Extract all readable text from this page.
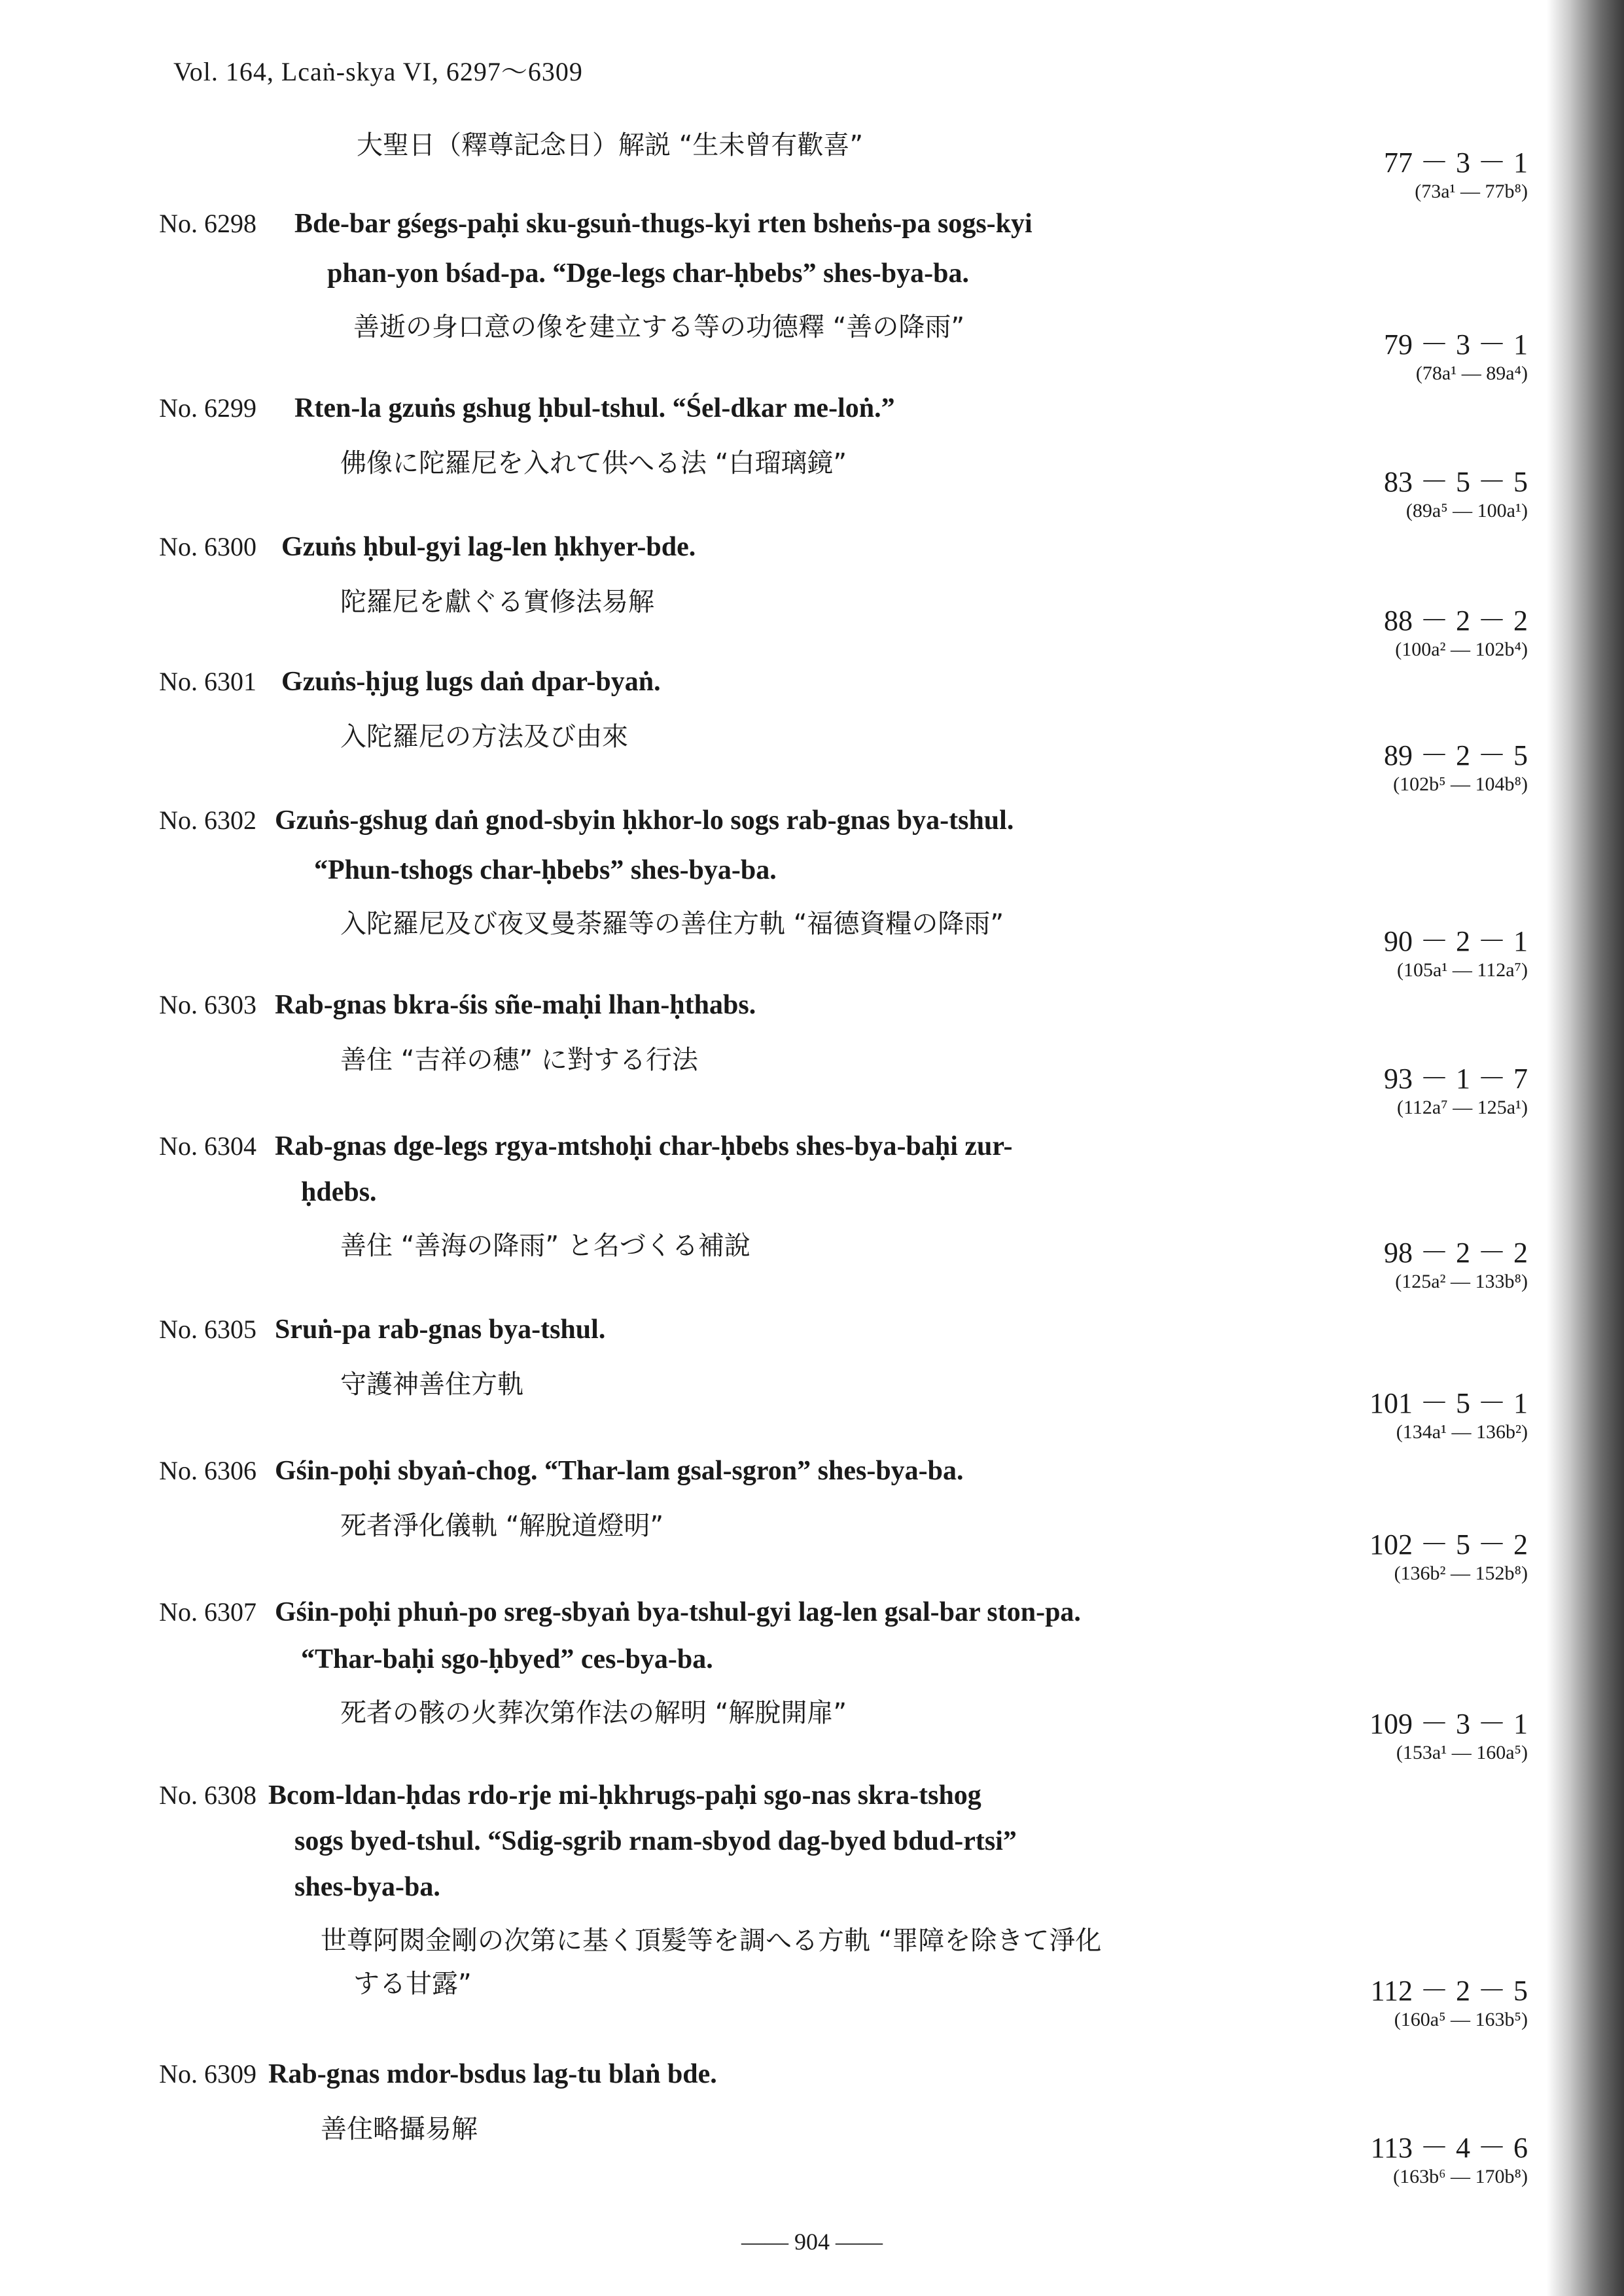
Vol. 164, Lcaṅ-skya VI, 6297～6309
大聖日（釋尊記念日）解説 “生未曾有歡喜”
77 － 3 － 1
(73a¹ — 77b⁸)
No. 6298 Bde-bar gśegs-paḥi sku-gsuṅ-thugs-kyi rten bsheṅs-pa sogs-kyi
phan-yon bśad-pa. “Dge-legs char-ḥbebs” shes-bya-ba.
善逝の身口意の像を建立する等の功德釋 “善の降雨”
79 － 3 － 1
(78a¹ — 89a⁴)
No. 6299 Rten-la gzuṅs gshug ḥbul-tshul. “Śel-dkar me-loṅ.”
佛像に陀羅尼を入れて供へる法 “白瑠璃鏡”
83 － 5 － 5
(89a⁵ — 100a¹)
No. 6300 Gzuṅs ḥbul-gyi lag-len ḥkhyer-bde.
陀羅尼を獻ぐる實修法易解
88 － 2 － 2
(100a² — 102b⁴)
No. 6301 Gzuṅs-ḥjug lugs daṅ dpar-byaṅ.
入陀羅尼の方法及び由來
89 － 2 － 5
(102b⁵ — 104b⁸)
No. 6302 Gzuṅs-gshug daṅ gnod-sbyin ḥkhor-lo sogs rab-gnas bya-tshul.
“Phun-tshogs char-ḥbebs” shes-bya-ba.
入陀羅尼及び夜叉曼荼羅等の善住方軌 “福德資糧の降雨”
90 － 2 － 1
(105a¹ — 112a⁷)
No. 6303 Rab-gnas bkra-śis sñe-maḥi lhan-ḥthabs.
善住 “吉祥の穗” に對する行法
93 － 1 － 7
(112a⁷ — 125a¹)
No. 6304 Rab-gnas dge-legs rgya-mtshoḥi char-ḥbebs shes-bya-baḥi zur-
ḥdebs.
善住 “善海の降雨” と名づくる補說	98 － 2 － 2
(125a² — 133b⁸)
No. 6305 Sruṅ-pa rab-gnas bya-tshul.
守護神善住方軌
101 － 5 － 1
(134a¹ — 136b²)
No. 6306 Gśin-poḥi sbyaṅ-chog. “Thar-lam gsal-sgron” shes-bya-ba.
死者淨化儀軌 “解脫道燈明”
102 － 5 － 2
(136b² — 152b⁸)
No. 6307 Gśin-poḥi phuṅ-po sreg-sbyaṅ bya-tshul-gyi lag-len gsal-bar ston-pa.
“Thar-baḥi sgo-ḥbyed” ces-bya-ba.
死者の骸の火葬次第作法の解明 “解脫開扉”	109 － 3 － 1
(153a¹ — 160a⁵)
No. 6308 Bcom-ldan-ḥdas rdo-rje mi-ḥkhrugs-paḥi sgo-nas skra-tshog
sogs byed-tshul. “Sdig-sgrib rnam-sbyod dag-byed bdud-rtsi”
shes-bya-ba.
世尊阿閦金剛の次第に基く頂髮等を調へる方軌 “罪障を除きて淨化
する甘露”	112 － 2 － 5
(160a⁵ — 163b⁵)
No. 6309 Rab-gnas mdor-bsdus lag-tu blaṅ bde.
善住略攝易解
113 － 4 － 6
(163b⁶ — 170b⁸)
—— 904 ——
